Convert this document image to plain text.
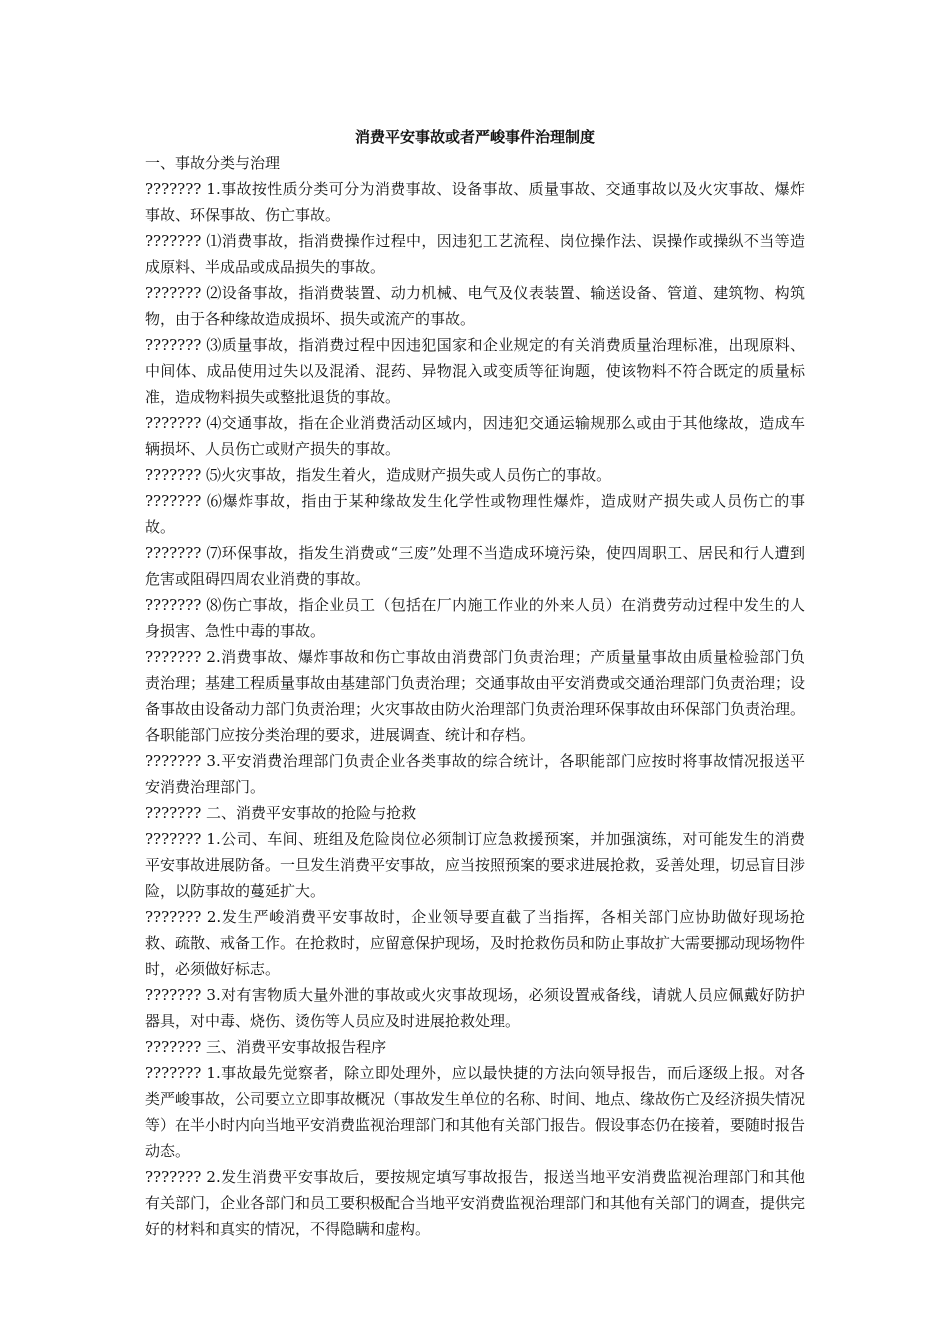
消费平安事故或者严峻事件治理制度

一、事故分类与治理

??????? 1.事故按性质分类可分为消费事故、设备事故、质量事故、交通事故以及火灾事故、爆炸事故、环保事故、伤亡事故。

??????? ⑴消费事故，指消费操作过程中，因违犯工艺流程、岗位操作法、误操作或操纵不当等造成原料、半成品或成品损失的事故。

??????? ⑵设备事故，指消费装置、动力机械、电气及仪表装置、输送设备、管道、建筑物、构筑物，由于各种缘故造成损坏、损失或流产的事故。

??????? ⑶质量事故，指消费过程中因违犯国家和企业规定的有关消费质量治理标准，出现原料、中间体、成品使用过失以及混淆、混药、异物混入或变质等征询题，使该物料不符合既定的质量标准，造成物料损失或整批退货的事故。

??????? ⑷交通事故，指在企业消费活动区域内，因违犯交通运输规那么或由于其他缘故，造成车辆损坏、人员伤亡或财产损失的事故。

??????? ⑸火灾事故，指发生着火，造成财产损失或人员伤亡的事故。

??????? ⑹爆炸事故，指由于某种缘故发生化学性或物理性爆炸，造成财产损失或人员伤亡的事故。

??????? ⑺环保事故，指发生消费或“三废”处理不当造成环境污染，使四周职工、居民和行人遭到危害或阻碍四周农业消费的事故。

??????? ⑻伤亡事故，指企业员工（包括在厂内施工作业的外来人员）在消费劳动过程中发生的人身损害、急性中毒的事故。

??????? 2.消费事故、爆炸事故和伤亡事故由消费部门负责治理；产质量量事故由质量检验部门负责治理；基建工程质量事故由基建部门负责治理；交通事故由平安消费或交通治理部门负责治理；设备事故由设备动力部门负责治理；火灾事故由防火治理部门负责治理环保事故由环保部门负责治理。各职能部门应按分类治理的要求，进展调查、统计和存档。

??????? 3.平安消费治理部门负责企业各类事故的综合统计，各职能部门应按时将事故情况报送平安消费治理部门。

??????? 二、消费平安事故的抢险与抢救

??????? 1.公司、车间、班组及危险岗位必须制订应急救援预案，并加强演练，对可能发生的消费平安事故进展防备。一旦发生消费平安事故，应当按照预案的要求进展抢救，妥善处理，切忌盲目涉险，以防事故的蔓延扩大。

??????? 2.发生严峻消费平安事故时，企业领导要直截了当指挥，各相关部门应协助做好现场抢救、疏散、戒备工作。在抢救时，应留意保护现场，及时抢救伤员和防止事故扩大需要挪动现场物件时，必须做好标志。

??????? 3.对有害物质大量外泄的事故或火灾事故现场，必须设置戒备线，请就人员应佩戴好防护器具，对中毒、烧伤、烫伤等人员应及时进展抢救处理。

??????? 三、消费平安事故报告程序

??????? 1.事故最先觉察者，除立即处理外，应以最快捷的方法向领导报告，而后逐级上报。对各类严峻事故，公司要立立即事故概况（事故发生单位的名称、时间、地点、缘故伤亡及经济损失情况等）在半小时内向当地平安消费监视治理部门和其他有关部门报告。假设事态仍在接着，要随时报告动态。

??????? 2.发生消费平安事故后，要按规定填写事故报告，报送当地平安消费监视治理部门和其他有关部门，企业各部门和员工要积极配合当地平安消费监视治理部门和其他有关部门的调查，提供完好的材料和真实的情况，不得隐瞒和虚构。
